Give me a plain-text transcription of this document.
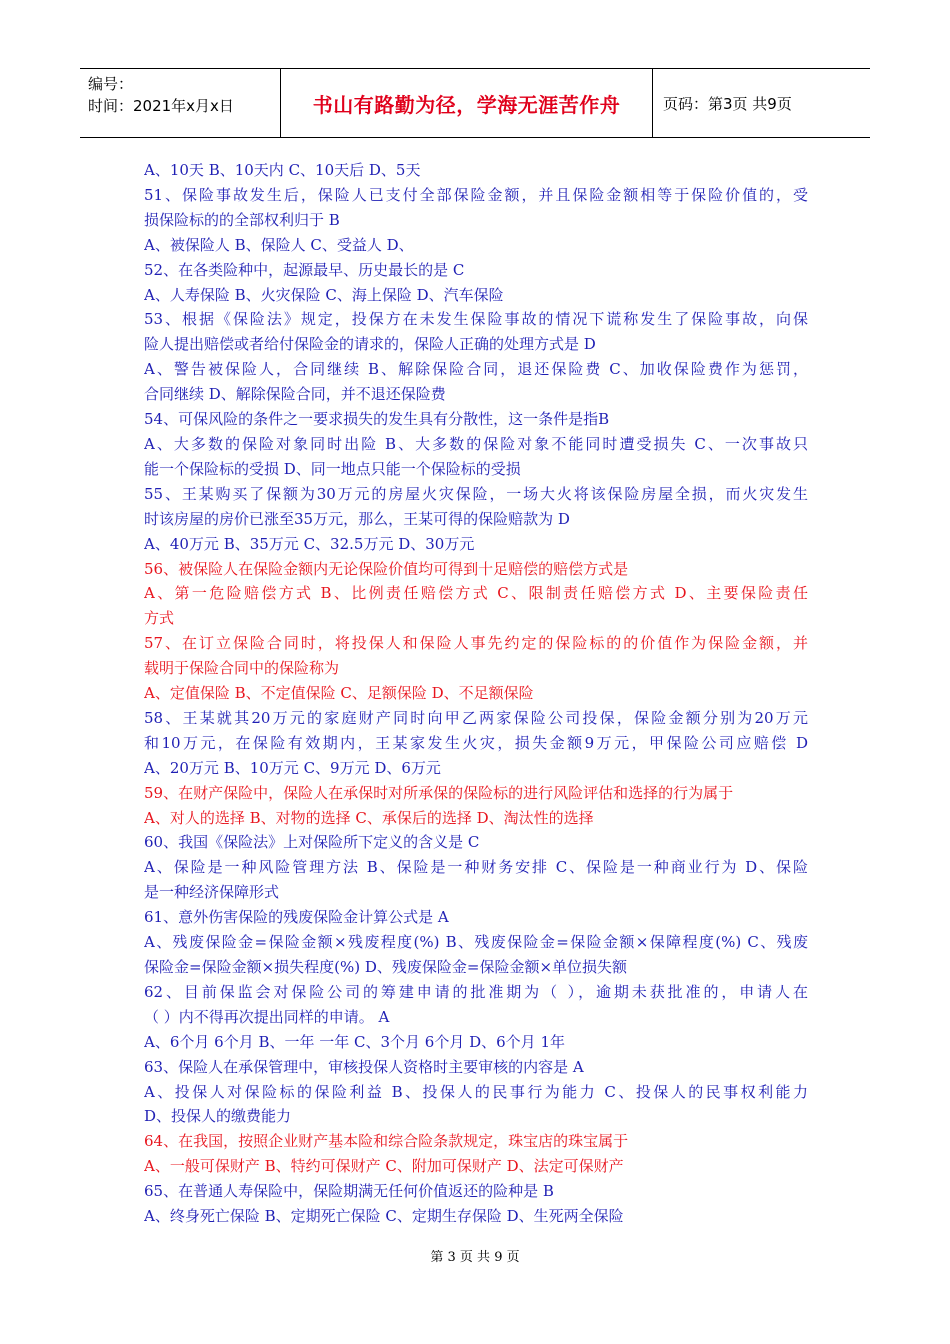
编号：
时间：2021年x月x日	书山有路勤为径，学海无涯苦作舟	页码：第3页 共9页
A、10天 B、10天内 C、10天后 D、5天
51、保险事故发生后，保险人已支付全部保险金额，并且保险金额相等于保险价值的，受
损保险标的的全部权利归于 B
A、被保险人 B、保险人 C、受益人 D、
52、在各类险种中，起源最早、历史最长的是 C
A、人寿保险 B、火灾保险 C、海上保险 D、汽车保险
53、根据《保险法》规定，投保方在未发生保险事故的情况下谎称发生了保险事故，向保
险人提出赔偿或者给付保险金的请求的，保险人正确的处理方式是 D
A、警告被保险人，合同继续 B、解除保险合同，退还保险费 C、加收保险费作为惩罚，
合同继续 D、解除保险合同，并不退还保险费
54、可保风险的条件之一要求损失的发生具有分散性，这一条件是指B
A、大多数的保险对象同时出险 B、大多数的保险对象不能同时遭受损失 C、一次事故只
能一个保险标的受损 D、同一地点只能一个保险标的受损
55、王某购买了保额为30万元的房屋火灾保险，一场大火将该保险房屋全损，而火灾发生
时该房屋的房价已涨至35万元，那么，王某可得的保险赔款为 D
A、40万元 B、35万元 C、32.5万元 D、30万元
56、被保险人在保险金额内无论保险价值均可得到十足赔偿的赔偿方式是
A、第一危险赔偿方式 B、比例责任赔偿方式 C、限制责任赔偿方式 D、主要保险责任
方式
57、在订立保险合同时，将投保人和保险人事先约定的保险标的的价值作为保险金额，并
载明于保险合同中的保险称为
A、定值保险 B、不定值保险 C、足额保险 D、不足额保险
58、王某就其20万元的家庭财产同时向甲乙两家保险公司投保，保险金额分别为20万元
和10万元，在保险有效期内，王某家发生火灾，损失金额9万元，甲保险公司应赔偿 D
A、20万元 B、10万元 C、9万元 D、6万元
59、在财产保险中，保险人在承保时对所承保的保险标的进行风险评估和选择的行为属于
A、对人的选择 B、对物的选择 C、承保后的选择 D、淘汰性的选择
60、我国《保险法》上对保险所下定义的含义是 C
A、保险是一种风险管理方法 B、保险是一种财务安排 C、保险是一种商业行为 D、保险
是一种经济保障形式
61、意外伤害保险的残废保险金计算公式是 A
A、残废保险金=保险金额×残废程度(%) B、残废保险金=保险金额×保障程度(%) C、残废
保险金=保险金额×损失程度(%) D、残废保险金=保险金额×单位损失额
62、目前保监会对保险公司的筹建申请的批准期为（ ），逾期未获批准的，申请人在
（ ）内不得再次提出同样的申请。 A
A、6个月 6个月 B、一年 一年 C、3个月 6个月 D、6个月 1年
63、保险人在承保管理中，审核投保人资格时主要审核的内容是 A
A、投保人对保险标的保险利益 B、投保人的民事行为能力 C、投保人的民事权利能力
D、投保人的缴费能力
64、在我国，按照企业财产基本险和综合险条款规定，珠宝店的珠宝属于
A、一般可保财产 B、特约可保财产 C、附加可保财产 D、法定可保财产
65、在普通人寿保险中，保险期满无任何价值返还的险种是 B
A、终身死亡保险 B、定期死亡保险 C、定期生存保险 D、生死两全保险
第 3 页 共 9 页
